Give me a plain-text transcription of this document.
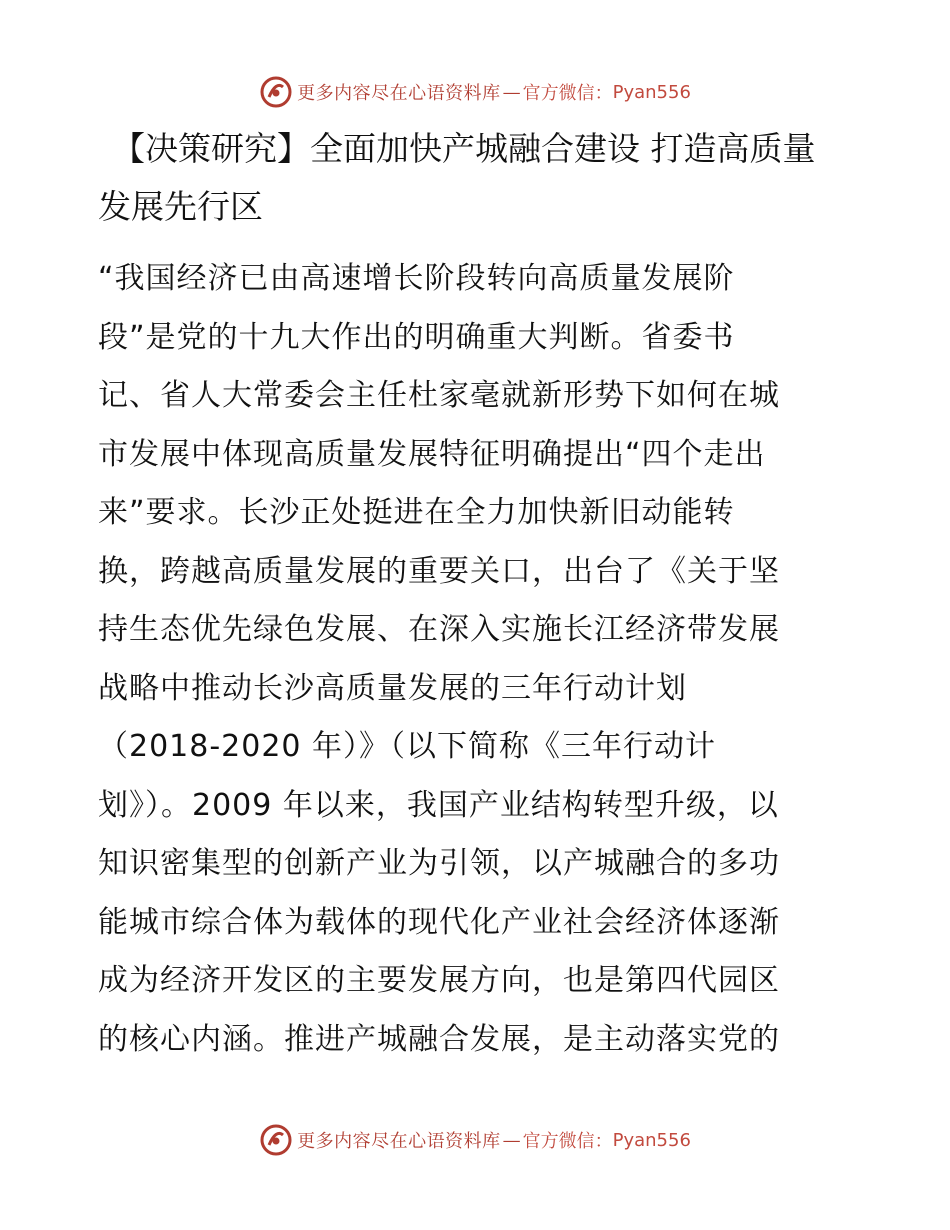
更多内容尽在心语资料库 — 官方微信： Pyan556
【决策研究】全面加快产城融合建设 打造高质量
发展先行区
“我国经济已由高速增长阶段转向高质量发展阶
段”是党的十九大作出的明确重大判断。省委书
记、省人大常委会主任杜家毫就新形势下如何在城
市发展中体现高质量发展特征明确提出“四个走出
来”要求。长沙正处挺进在全力加快新旧动能转
换，跨越高质量发展的重要关口，出台了《关于坚
持生态优先绿色发展、在深入实施长江经济带发展
战略中推动长沙高质量发展的三年行动计划
（2018-2020 年）》（以下简称《三年行动计
划》）。2009 年以来，我国产业结构转型升级，以
知识密集型的创新产业为引领，以产城融合的多功
能城市综合体为载体的现代化产业社会经济体逐渐
成为经济开发区的主要发展方向，也是第四代园区
的核心内涵。推进产城融合发展，是主动落实党的
更多内容尽在心语资料库 — 官方微信： Pyan556
